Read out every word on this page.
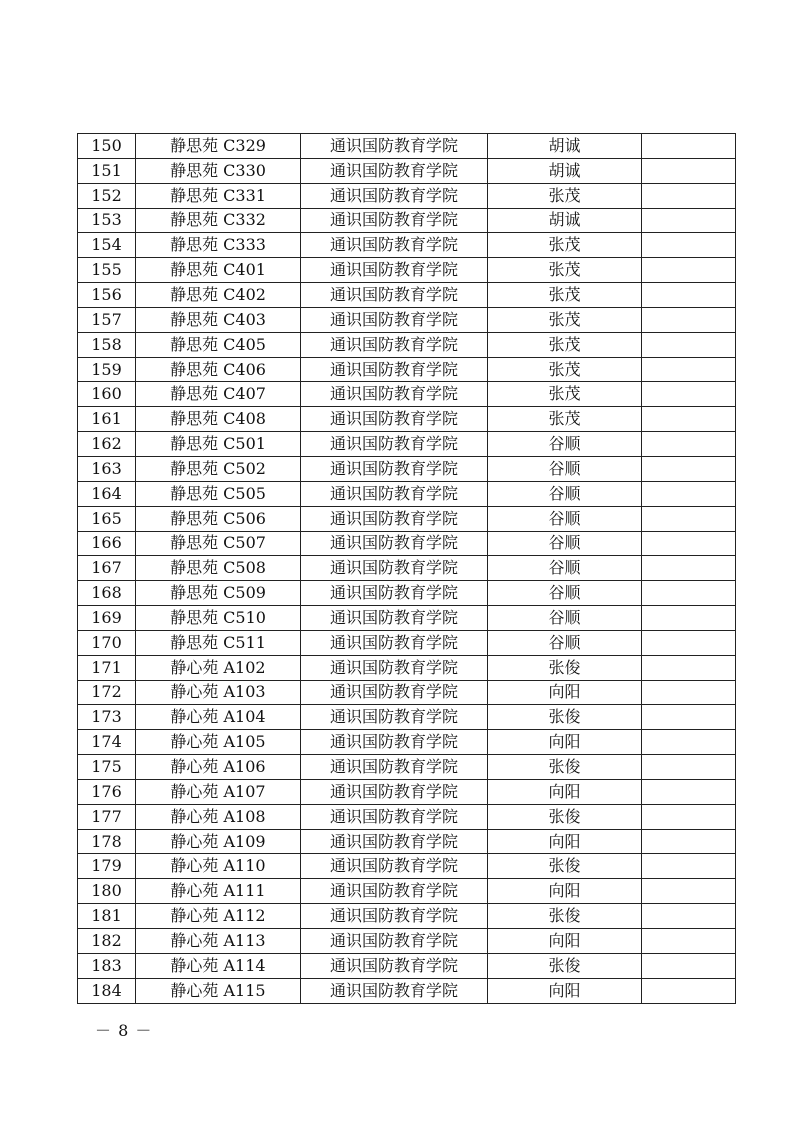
150	静思苑 C329	通识国防教育学院	胡诚	
151	静思苑 C330	通识国防教育学院	胡诚	
152	静思苑 C331	通识国防教育学院	张茂	
153	静思苑 C332	通识国防教育学院	胡诚	
154	静思苑 C333	通识国防教育学院	张茂	
155	静思苑 C401	通识国防教育学院	张茂	
156	静思苑 C402	通识国防教育学院	张茂	
157	静思苑 C403	通识国防教育学院	张茂	
158	静思苑 C405	通识国防教育学院	张茂	
159	静思苑 C406	通识国防教育学院	张茂	
160	静思苑 C407	通识国防教育学院	张茂	
161	静思苑 C408	通识国防教育学院	张茂	
162	静思苑 C501	通识国防教育学院	谷顺	
163	静思苑 C502	通识国防教育学院	谷顺	
164	静思苑 C505	通识国防教育学院	谷顺	
165	静思苑 C506	通识国防教育学院	谷顺	
166	静思苑 C507	通识国防教育学院	谷顺	
167	静思苑 C508	通识国防教育学院	谷顺	
168	静思苑 C509	通识国防教育学院	谷顺	
169	静思苑 C510	通识国防教育学院	谷顺	
170	静思苑 C511	通识国防教育学院	谷顺	
171	静心苑 A102	通识国防教育学院	张俊	
172	静心苑 A103	通识国防教育学院	向阳	
173	静心苑 A104	通识国防教育学院	张俊	
174	静心苑 A105	通识国防教育学院	向阳	
175	静心苑 A106	通识国防教育学院	张俊	
176	静心苑 A107	通识国防教育学院	向阳	
177	静心苑 A108	通识国防教育学院	张俊	
178	静心苑 A109	通识国防教育学院	向阳	
179	静心苑 A110	通识国防教育学院	张俊	
180	静心苑 A111	通识国防教育学院	向阳	
181	静心苑 A112	通识国防教育学院	张俊	
182	静心苑 A113	通识国防教育学院	向阳	
183	静心苑 A114	通识国防教育学院	张俊	
184	静心苑 A115	通识国防教育学院	向阳	
－ 8 －
